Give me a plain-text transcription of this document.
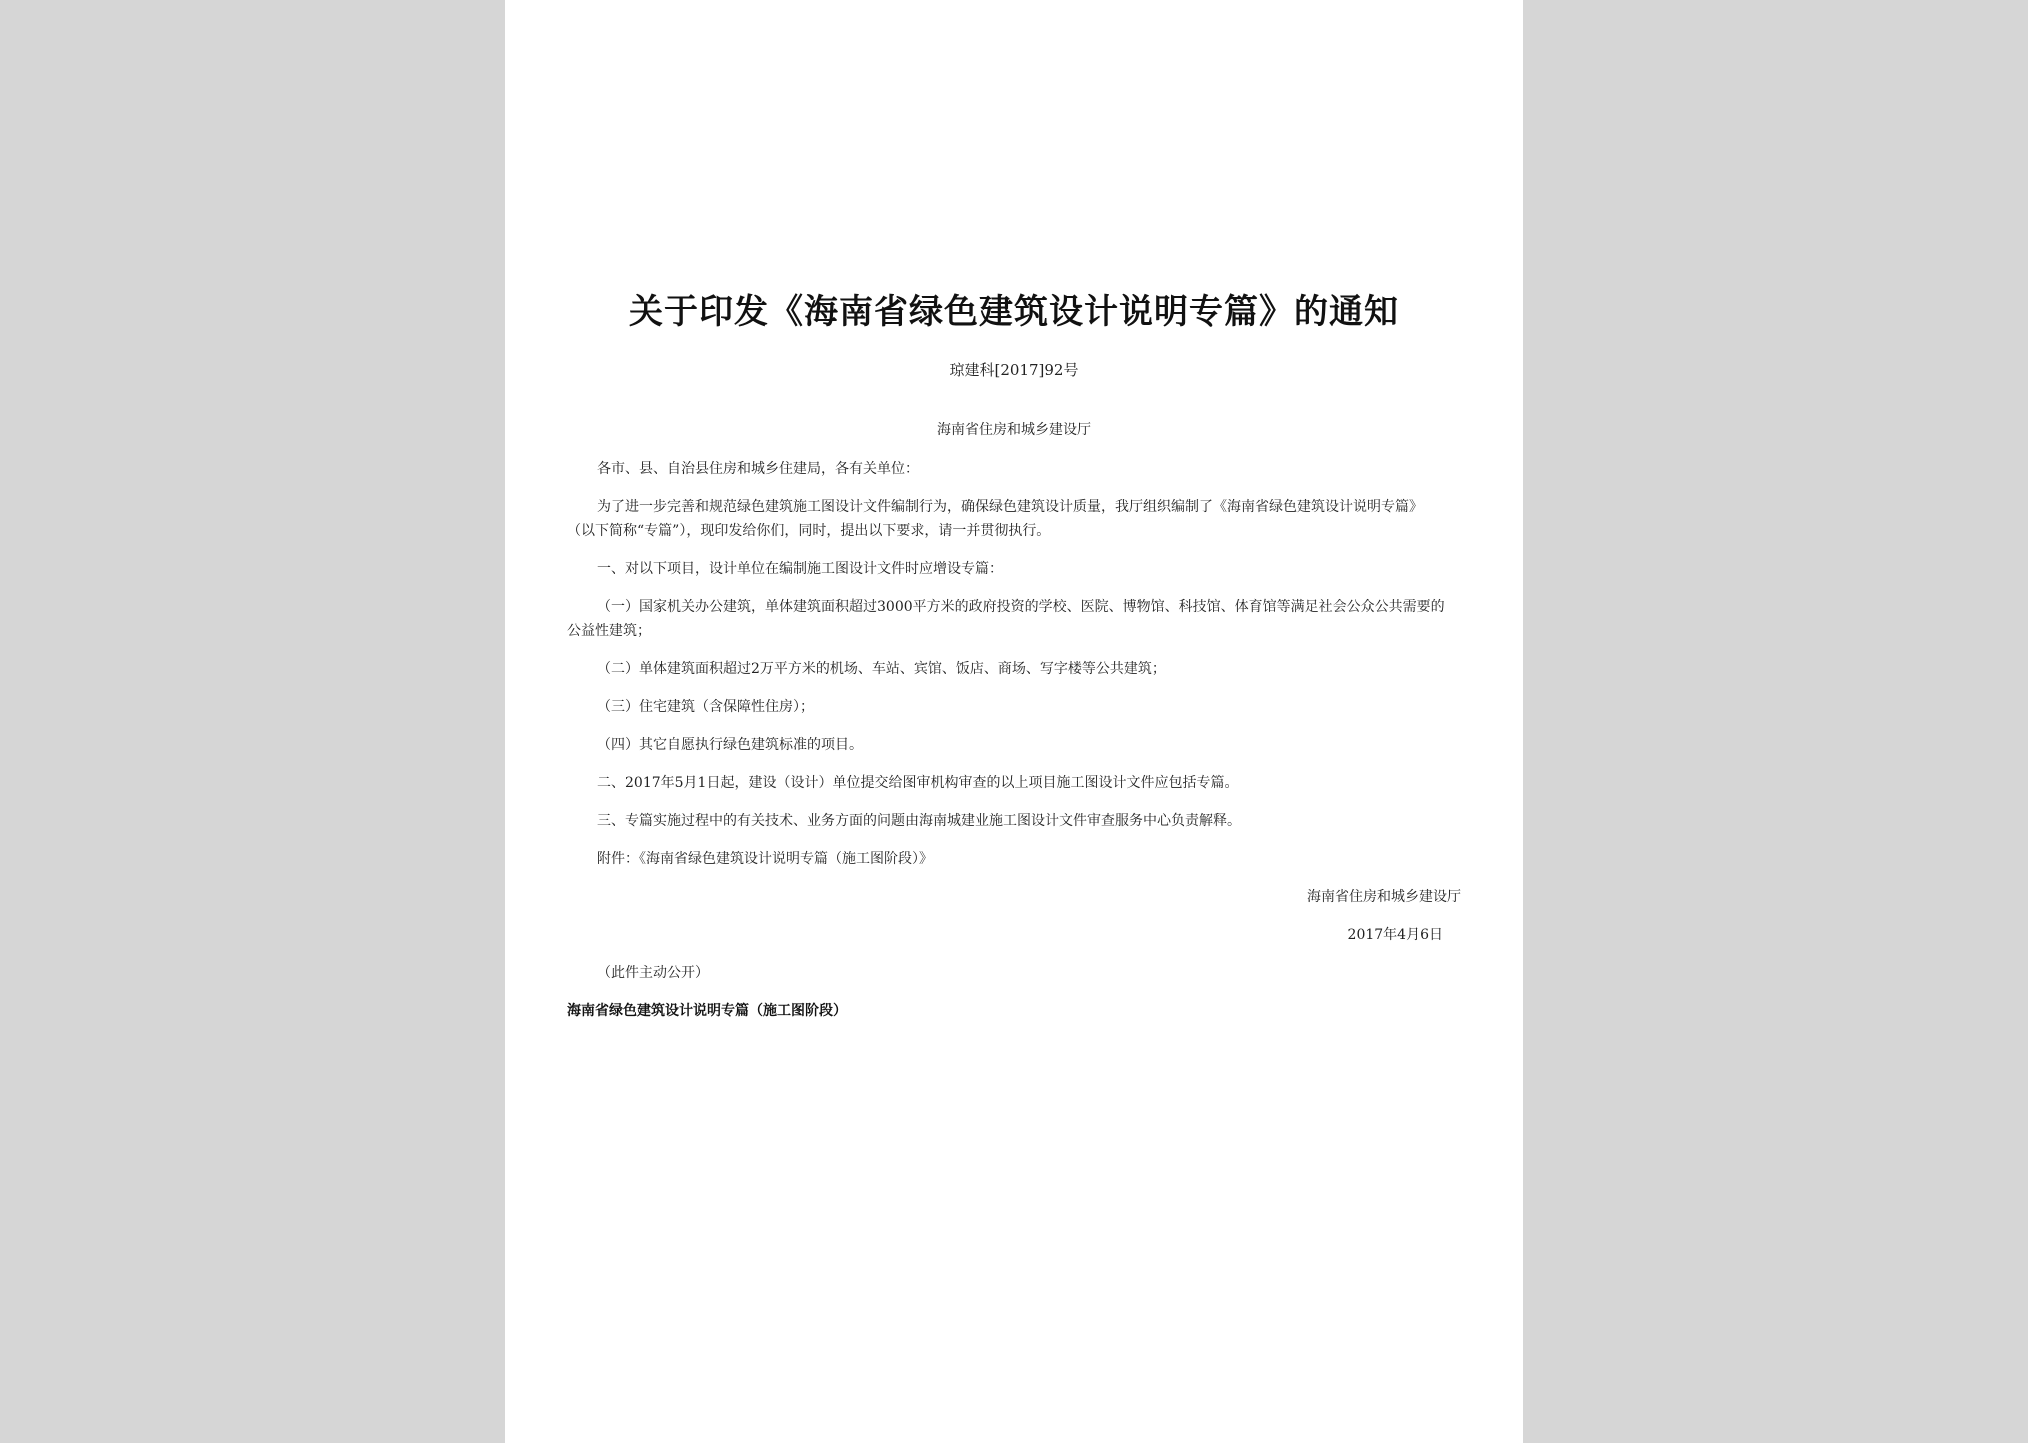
关于印发《海南省绿色建筑设计说明专篇》的通知
琼建科[2017]92号
海南省住房和城乡建设厅
各市、县、自治县住房和城乡住建局，各有关单位：
为了进一步完善和规范绿色建筑施工图设计文件编制行为，确保绿色建筑设计质量，我厅组织编制了《海南省绿色建筑设计说明专篇》
（以下简称“专篇”），现印发给你们，同时，提出以下要求，请一并贯彻执行。
一、对以下项目，设计单位在编制施工图设计文件时应增设专篇：
（一）国家机关办公建筑，单体建筑面积超过3000平方米的政府投资的学校、医院、博物馆、科技馆、体育馆等满足社会公众公共需要的
公益性建筑；
（二）单体建筑面积超过2万平方米的机场、车站、宾馆、饭店、商场、写字楼等公共建筑；
（三）住宅建筑（含保障性住房）；
（四）其它自愿执行绿色建筑标准的项目。
二、2017年5月1日起，建设（设计）单位提交给图审机构审查的以上项目施工图设计文件应包括专篇。
三、专篇实施过程中的有关技术、业务方面的问题由海南城建业施工图设计文件审查服务中心负责解释。
附件：《海南省绿色建筑设计说明专篇（施工图阶段）》
海南省住房和城乡建设厅
2017年4月6日
（此件主动公开）
海南省绿色建筑设计说明专篇（施工图阶段）
